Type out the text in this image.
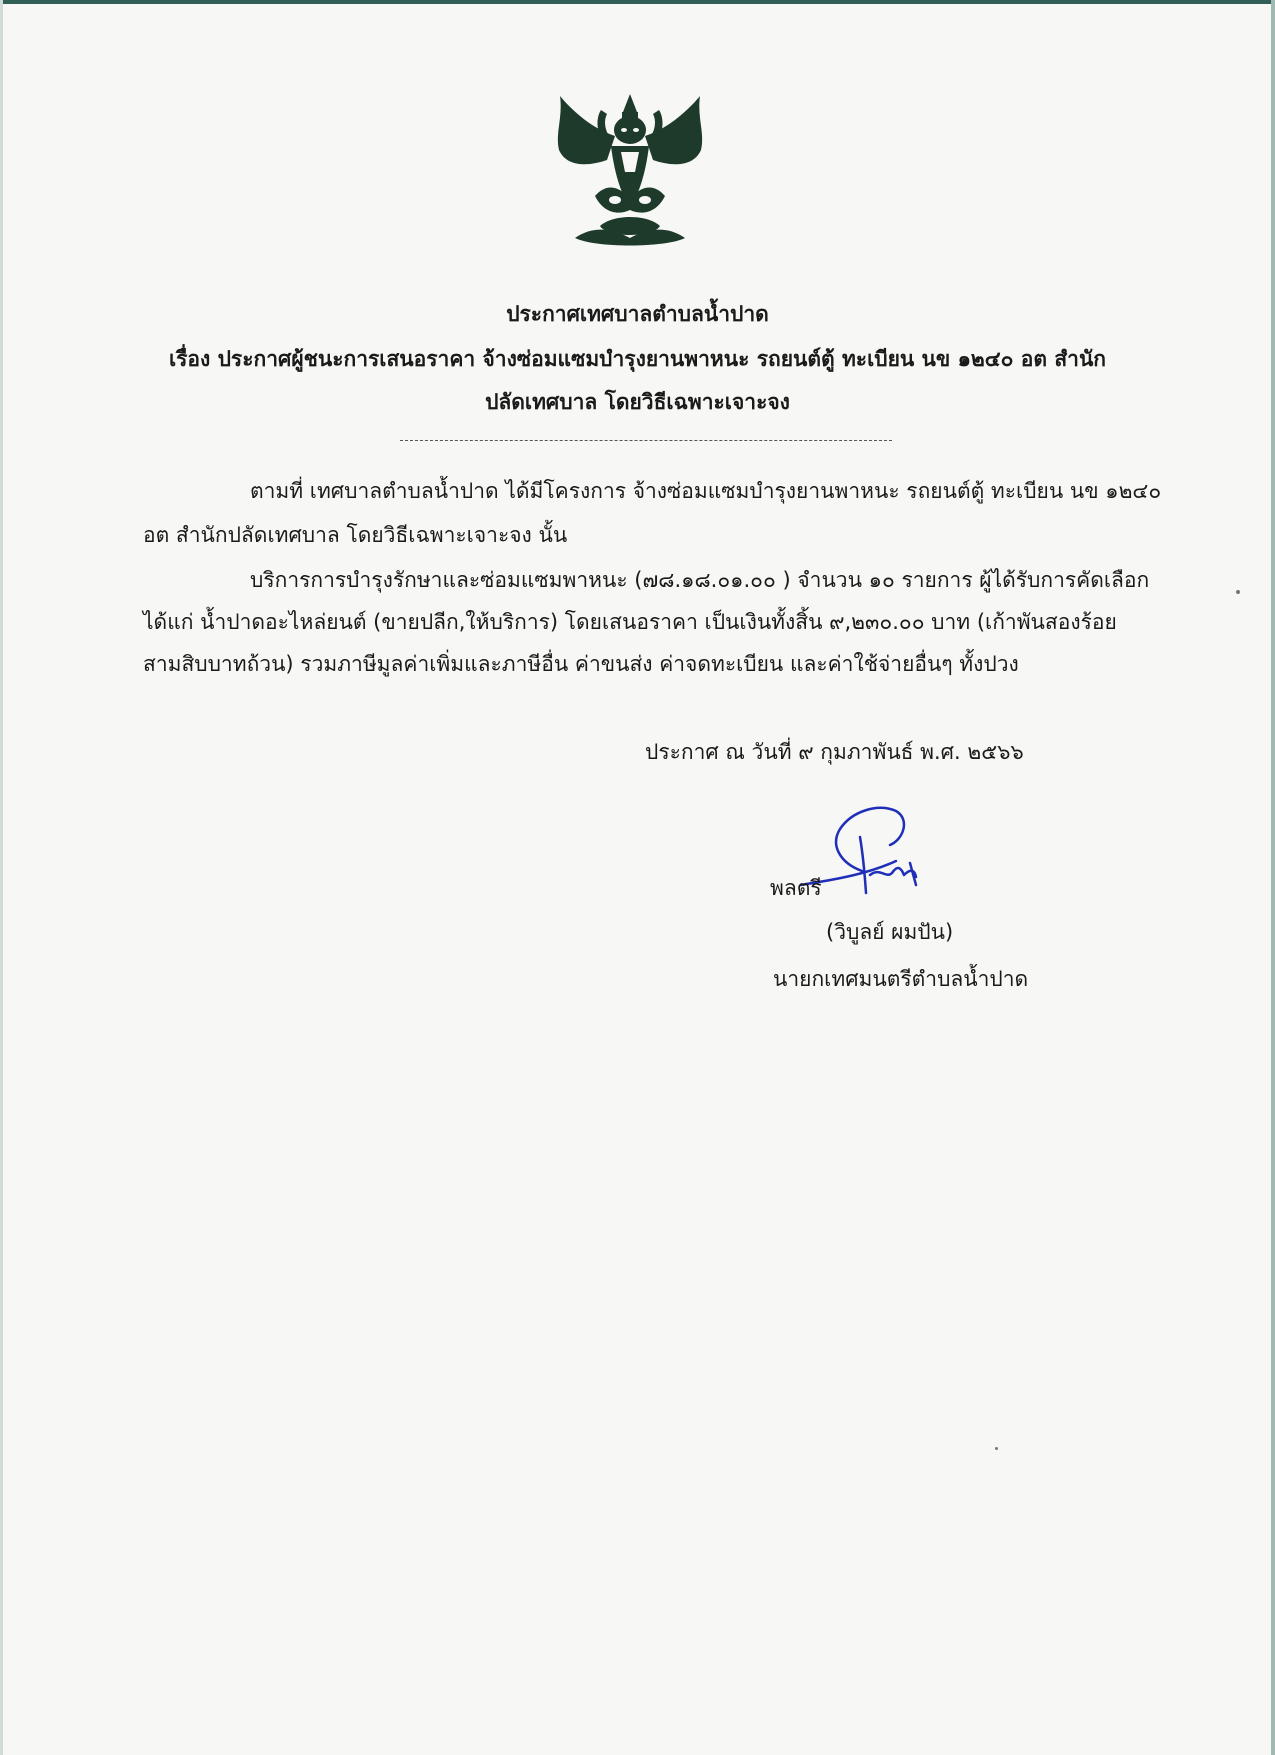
ประกาศเทศบาลตำบลน้ำปาด
เรื่อง ประกาศผู้ชนะการเสนอราคา จ้างซ่อมแซมบำรุงยานพาหนะ รถยนต์ตู้ ทะเบียน นข ๑๒๔๐ อต สำนัก
ปลัดเทศบาล โดยวิธีเฉพาะเจาะจง
ตามที่ เทศบาลตำบลน้ำปาด ได้มีโครงการ จ้างซ่อมแซมบำรุงยานพาหนะ รถยนต์ตู้ ทะเบียน นข ๑๒๔๐
อต สำนักปลัดเทศบาล โดยวิธีเฉพาะเจาะจง นั้น
บริการการบำรุงรักษาและซ่อมแซมพาหนะ (๗๘.๑๘.๐๑.๐๐ ) จำนวน ๑๐ รายการ ผู้ได้รับการคัดเลือก
ได้แก่ น้ำปาดอะไหล่ยนต์ (ขายปลีก,ให้บริการ) โดยเสนอราคา เป็นเงินทั้งสิ้น ๙,๒๓๐.๐๐ บาท (เก้าพันสองร้อย
สามสิบบาทถ้วน) รวมภาษีมูลค่าเพิ่มและภาษีอื่น ค่าขนส่ง ค่าจดทะเบียน และค่าใช้จ่ายอื่นๆ ทั้งปวง
ประกาศ ณ วันที่ ๙ กุมภาพันธ์ พ.ศ. ๒๕๖๖
พลตรี
(วิบูลย์ ผมปัน)
นายกเทศมนตรีตำบลน้ำปาด
